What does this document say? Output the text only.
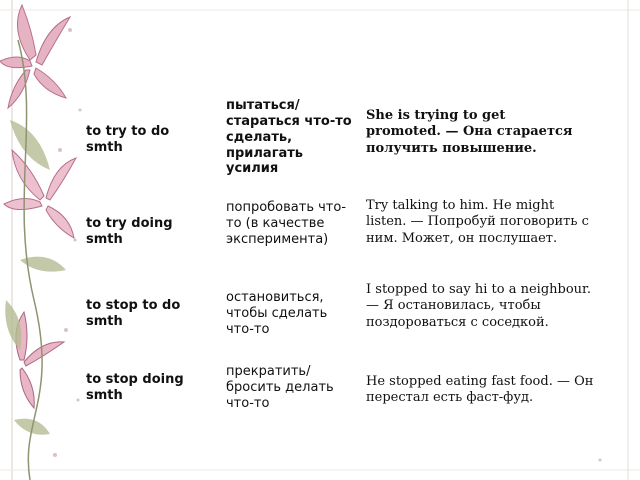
to try to do smth

пытаться/ стараться что-то сделать, прилагать усилия

She is trying to get promoted. — Она старается получить повышение.

to try doing smth

попробовать что-то (в качестве эксперимента)

Try talking to him. He might listen. — Попробуй поговорить с ним. Может, он послушает.

to stop to do smth

остановиться, чтобы сделать что-то

I stopped to say hi to a neighbour. — Я остановилась, чтобы поздороваться с соседкой.

to stop doing smth

прекратить/ бросить делать что-то

He stopped eating fast food. — Он перестал есть фаст-фуд.
